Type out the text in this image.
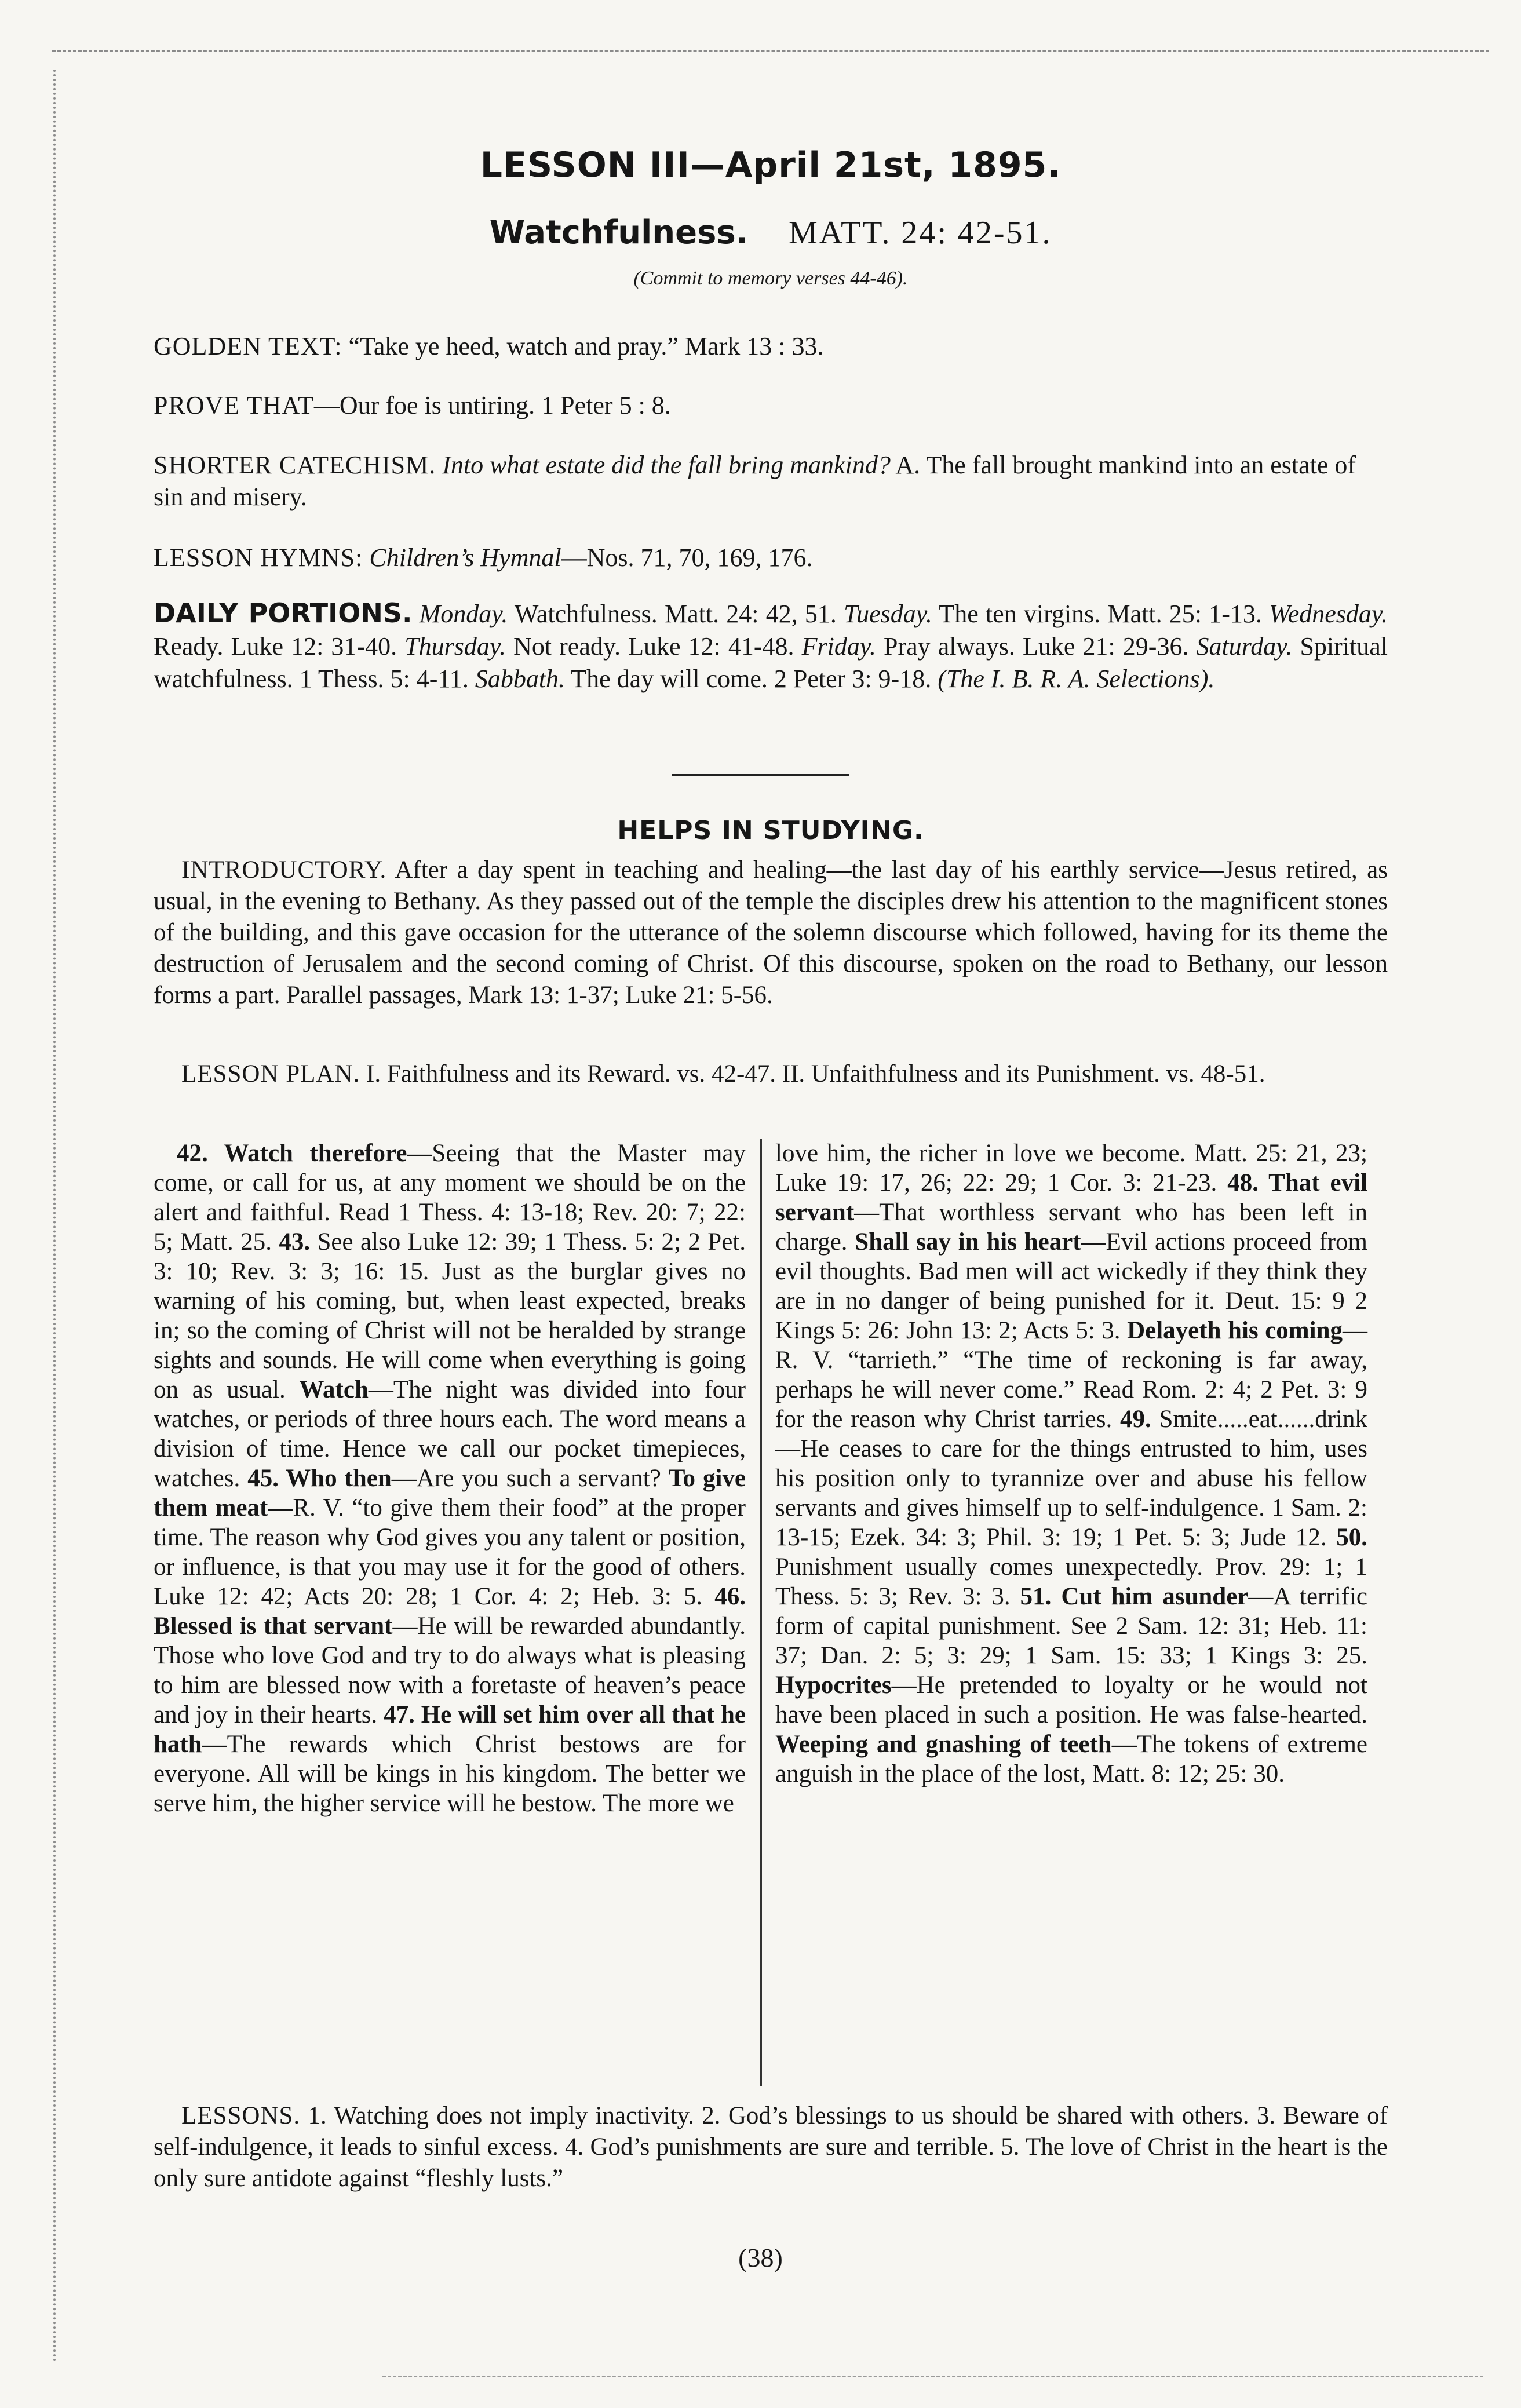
LESSON III—April 21st, 1895.
Watchfulness. MATT. 24: 42-51.
(Commit to memory verses 44-46).
GOLDEN TEXT: “Take ye heed, watch and pray.” Mark 13 : 33.
PROVE THAT—Our foe is untiring. 1 Peter 5 : 8.
SHORTER CATECHISM. Into what estate did the fall bring mankind? A. The fall brought mankind into an estate of sin and misery.
LESSON HYMNS: Children’s Hymnal—Nos. 71, 70, 169, 176.
DAILY PORTIONS. Monday. Watchfulness. Matt. 24: 42, 51. Tuesday. The ten virgins. Matt. 25: 1-13. Wednesday. Ready. Luke 12: 31-40. Thursday. Not ready. Luke 12: 41-48. Friday. Pray always. Luke 21: 29-36. Saturday. Spiritual watchfulness. 1 Thess. 5: 4-11. Sabbath. The day will come. 2 Peter 3: 9-18. (The I. B. R. A. Selections).
HELPS IN STUDYING.
INTRODUCTORY. After a day spent in teaching and healing—the last day of his earthly service—Jesus retired, as usual, in the evening to Bethany. As they passed out of the temple the disciples drew his attention to the magnificent stones of the building, and this gave occasion for the utterance of the solemn discourse which followed, having for its theme the destruction of Jerusalem and the second coming of Christ. Of this discourse, spoken on the road to Bethany, our lesson forms a part. Parallel passages, Mark 13: 1-37; Luke 21: 5-56.
LESSON PLAN. I. Faithfulness and its Reward. vs. 42-47. II. Unfaithfulness and its Punishment. vs. 48-51.
42. Watch therefore—Seeing that the Master may come, or call for us, at any moment we should be on the alert and faithful. Read 1 Thess. 4: 13-18; Rev. 20: 7; 22: 5; Matt. 25. 43. See also Luke 12: 39; 1 Thess. 5: 2; 2 Pet. 3: 10; Rev. 3: 3; 16: 15. Just as the burglar gives no warning of his coming, but, when least expected, breaks in; so the coming of Christ will not be heralded by strange sights and sounds. He will come when everything is going on as usual. Watch—The night was divided into four watches, or periods of three hours each. The word means a division of time. Hence we call our pocket timepieces, watches. 45. Who then—Are you such a servant? To give them meat—R. V. “to give them their food” at the proper time. The reason why God gives you any talent or position, or influence, is that you may use it for the good of others. Luke 12: 42; Acts 20: 28; 1 Cor. 4: 2; Heb. 3: 5. 46. Blessed is that servant—He will be rewarded abundantly. Those who love God and try to do always what is pleasing to him are blessed now with a foretaste of heaven’s peace and joy in their hearts. 47. He will set him over all that he hath—The rewards which Christ bestows are for everyone. All will be kings in his kingdom. The better we serve him, the higher service will he bestow. The more we
love him, the richer in love we become. Matt. 25: 21, 23; Luke 19: 17, 26; 22: 29; 1 Cor. 3: 21-23. 48. That evil servant—That worthless servant who has been left in charge. Shall say in his heart—Evil actions proceed from evil thoughts. Bad men will act wickedly if they think they are in no danger of being punished for it. Deut. 15: 9 2 Kings 5: 26: John 13: 2; Acts 5: 3. Delayeth his coming—R. V. “tarrieth.” “The time of reckoning is far away, perhaps he will never come.” Read Rom. 2: 4; 2 Pet. 3: 9 for the reason why Christ tarries. 49. Smite.....eat......drink—He ceases to care for the things entrusted to him, uses his position only to tyrannize over and abuse his fellow servants and gives himself up to self-indulgence. 1 Sam. 2: 13-15; Ezek. 34: 3; Phil. 3: 19; 1 Pet. 5: 3; Jude 12. 50. Punishment usually comes unexpectedly. Prov. 29: 1; 1 Thess. 5: 3; Rev. 3: 3. 51. Cut him asunder—A terrific form of capital punishment. See 2 Sam. 12: 31; Heb. 11: 37; Dan. 2: 5; 3: 29; 1 Sam. 15: 33; 1 Kings 3: 25. Hypocrites—He pretended to loyalty or he would not have been placed in such a position. He was false-hearted. Weeping and gnashing of teeth—The tokens of extreme anguish in the place of the lost, Matt. 8: 12; 25: 30.
LESSONS. 1. Watching does not imply inactivity. 2. God’s blessings to us should be shared with others. 3. Beware of self-indulgence, it leads to sinful excess. 4. God’s punishments are sure and terrible. 5. The love of Christ in the heart is the only sure antidote against “fleshly lusts.”
(38)
